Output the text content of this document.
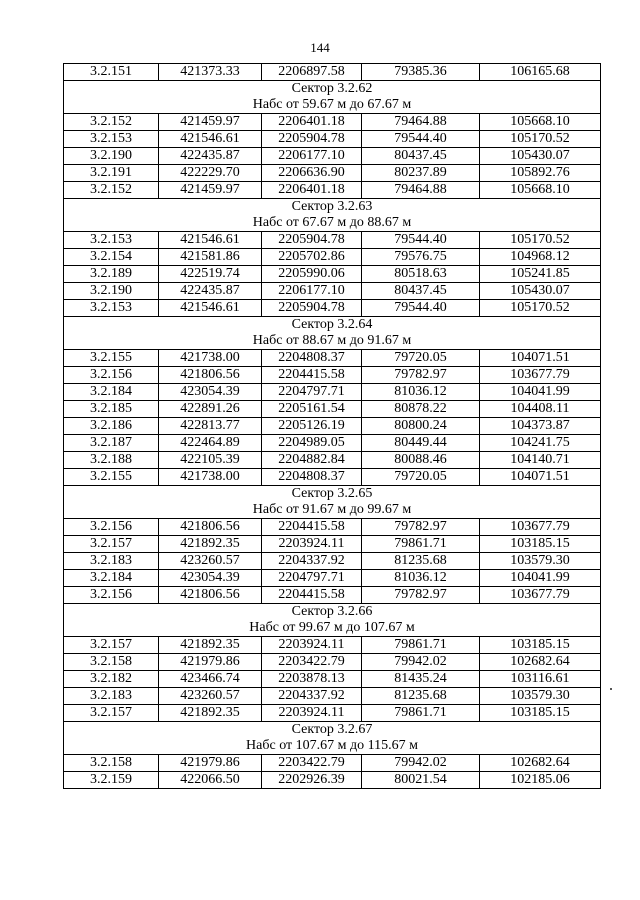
144
3.2.151	421373.33	2206897.58	79385.36	106165.68
Сектор 3.2.62				
Набс от 59.67 м до 67.67 м				
3.2.152	421459.97	2206401.18	79464.88	105668.10
3.2.153	421546.61	2205904.78	79544.40	105170.52
3.2.190	422435.87	2206177.10	80437.45	105430.07
3.2.191	422229.70	2206636.90	80237.89	105892.76
3.2.152	421459.97	2206401.18	79464.88	105668.10
Сектор 3.2.63				
Набс от 67.67 м до 88.67 м				
3.2.153	421546.61	2205904.78	79544.40	105170.52
3.2.154	421581.86	2205702.86	79576.75	104968.12
3.2.189	422519.74	2205990.06	80518.63	105241.85
3.2.190	422435.87	2206177.10	80437.45	105430.07
3.2.153	421546.61	2205904.78	79544.40	105170.52
Сектор 3.2.64				
Набс от 88.67 м до 91.67 м				
3.2.155	421738.00	2204808.37	79720.05	104071.51
3.2.156	421806.56	2204415.58	79782.97	103677.79
3.2.184	423054.39	2204797.71	81036.12	104041.99
3.2.185	422891.26	2205161.54	80878.22	104408.11
3.2.186	422813.77	2205126.19	80800.24	104373.87
3.2.187	422464.89	2204989.05	80449.44	104241.75
3.2.188	422105.39	2204882.84	80088.46	104140.71
3.2.155	421738.00	2204808.37	79720.05	104071.51
Сектор 3.2.65				
Набс от 91.67 м до 99.67 м				
3.2.156	421806.56	2204415.58	79782.97	103677.79
3.2.157	421892.35	2203924.11	79861.71	103185.15
3.2.183	423260.57	2204337.92	81235.68	103579.30
3.2.184	423054.39	2204797.71	81036.12	104041.99
3.2.156	421806.56	2204415.58	79782.97	103677.79
Сектор 3.2.66				
Набс от 99.67 м до 107.67 м				
3.2.157	421892.35	2203924.11	79861.71	103185.15
3.2.158	421979.86	2203422.79	79942.02	102682.64
3.2.182	423466.74	2203878.13	81435.24	103116.61
3.2.183	423260.57	2204337.92	81235.68	103579.30
3.2.157	421892.35	2203924.11	79861.71	103185.15
Сектор 3.2.67				
Набс от 107.67 м до 115.67 м				
3.2.158	421979.86	2203422.79	79942.02	102682.64
3.2.159	422066.50	2202926.39	80021.54	102185.06
